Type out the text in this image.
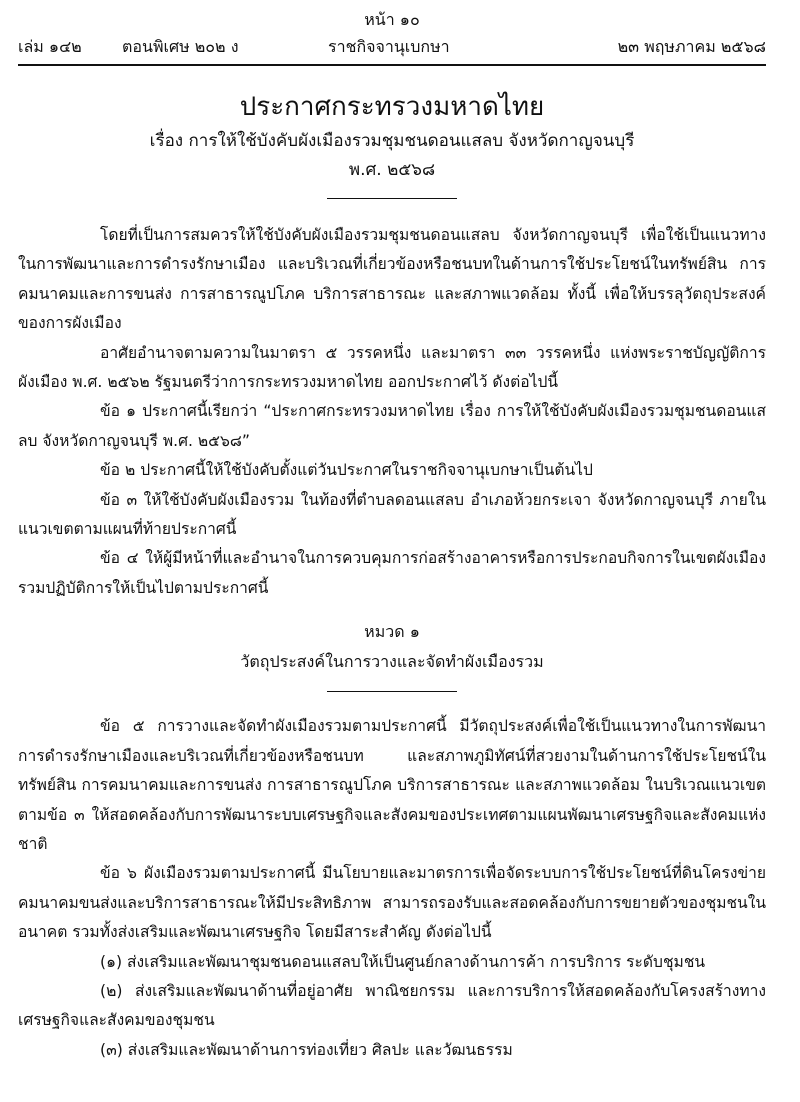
หน้า ๑๐
เล่ม ๑๔๒	ตอนพิเศษ ๒๐๒ ง	ราชกิจจานุเบกษา	๒๓ พฤษภาคม ๒๕๖๘
ประกาศกระทรวงมหาดไทย
เรื่อง การให้ใช้บังคับผังเมืองรวมชุมชนดอนแสลบ จังหวัดกาญจนบุรี
พ.ศ. ๒๕๖๘

โดยที่เป็นการสมควรให้ใช้บังคับผังเมืองรวมชุมชนดอนแสลบ จังหวัดกาญจนบุรี เพื่อใช้เป็นแนวทางในการพัฒนาและการดำรงรักษาเมือง และบริเวณที่เกี่ยวข้องหรือชนบทในด้านการใช้ประโยชน์ในทรัพย์สิน การคมนาคมและการขนส่ง การสาธารณูปโภค บริการสาธารณะ และสภาพแวดล้อม ทั้งนี้ เพื่อให้บรรลุวัตถุประสงค์ของการผังเมือง

อาศัยอำนาจตามความในมาตรา ๕ วรรคหนึ่ง และมาตรา ๓๓ วรรคหนึ่ง แห่งพระราชบัญญัติการผังเมือง พ.ศ. ๒๕๖๒ รัฐมนตรีว่าการกระทรวงมหาดไทย ออกประกาศไว้ ดังต่อไปนี้

ข้อ ๑ ประกาศนี้เรียกว่า “ประกาศกระทรวงมหาดไทย เรื่อง การให้ใช้บังคับผังเมืองรวมชุมชนดอนแสลบ จังหวัดกาญจนบุรี พ.ศ. ๒๕๖๘”

ข้อ ๒ ประกาศนี้ให้ใช้บังคับตั้งแต่วันประกาศในราชกิจจานุเบกษาเป็นต้นไป

ข้อ ๓ ให้ใช้บังคับผังเมืองรวม ในท้องที่ตำบลดอนแสลบ อำเภอห้วยกระเจา จังหวัดกาญจนบุรี ภายในแนวเขตตามแผนที่ท้ายประกาศนี้

ข้อ ๔ ให้ผู้มีหน้าที่และอำนาจในการควบคุมการก่อสร้างอาคารหรือการประกอบกิจการในเขตผังเมืองรวมปฏิบัติการให้เป็นไปตามประกาศนี้

หมวด ๑
วัตถุประสงค์ในการวางและจัดทำผังเมืองรวม

ข้อ ๕ การวางและจัดทำผังเมืองรวมตามประกาศนี้ มีวัตถุประสงค์เพื่อใช้เป็นแนวทางในการพัฒนา การดำรงรักษาเมืองและบริเวณที่เกี่ยวข้องหรือชนบท และสภาพภูมิทัศน์ที่สวยงามในด้านการใช้ประโยชน์ในทรัพย์สิน การคมนาคมและการขนส่ง การสาธารณูปโภค บริการสาธารณะ และสภาพแวดล้อม ในบริเวณแนวเขตตามข้อ ๓ ให้สอดคล้องกับการพัฒนาระบบเศรษฐกิจและสังคมของประเทศตามแผนพัฒนาเศรษฐกิจและสังคมแห่งชาติ

ข้อ ๖ ผังเมืองรวมตามประกาศนี้ มีนโยบายและมาตรการเพื่อจัดระบบการใช้ประโยชน์ที่ดินโครงข่ายคมนาคมขนส่งและบริการสาธารณะให้มีประสิทธิภาพ สามารถรองรับและสอดคล้องกับการขยายตัวของชุมชนในอนาคต รวมทั้งส่งเสริมและพัฒนาเศรษฐกิจ โดยมีสาระสำคัญ ดังต่อไปนี้

(๑) ส่งเสริมและพัฒนาชุมชนดอนแสลบให้เป็นศูนย์กลางด้านการค้า การบริการ ระดับชุมชน

(๒) ส่งเสริมและพัฒนาด้านที่อยู่อาศัย พาณิชยกรรม และการบริการให้สอดคล้องกับโครงสร้างทางเศรษฐกิจและสังคมของชุมชน

(๓) ส่งเสริมและพัฒนาด้านการท่องเที่ยว ศิลปะ และวัฒนธรรม
